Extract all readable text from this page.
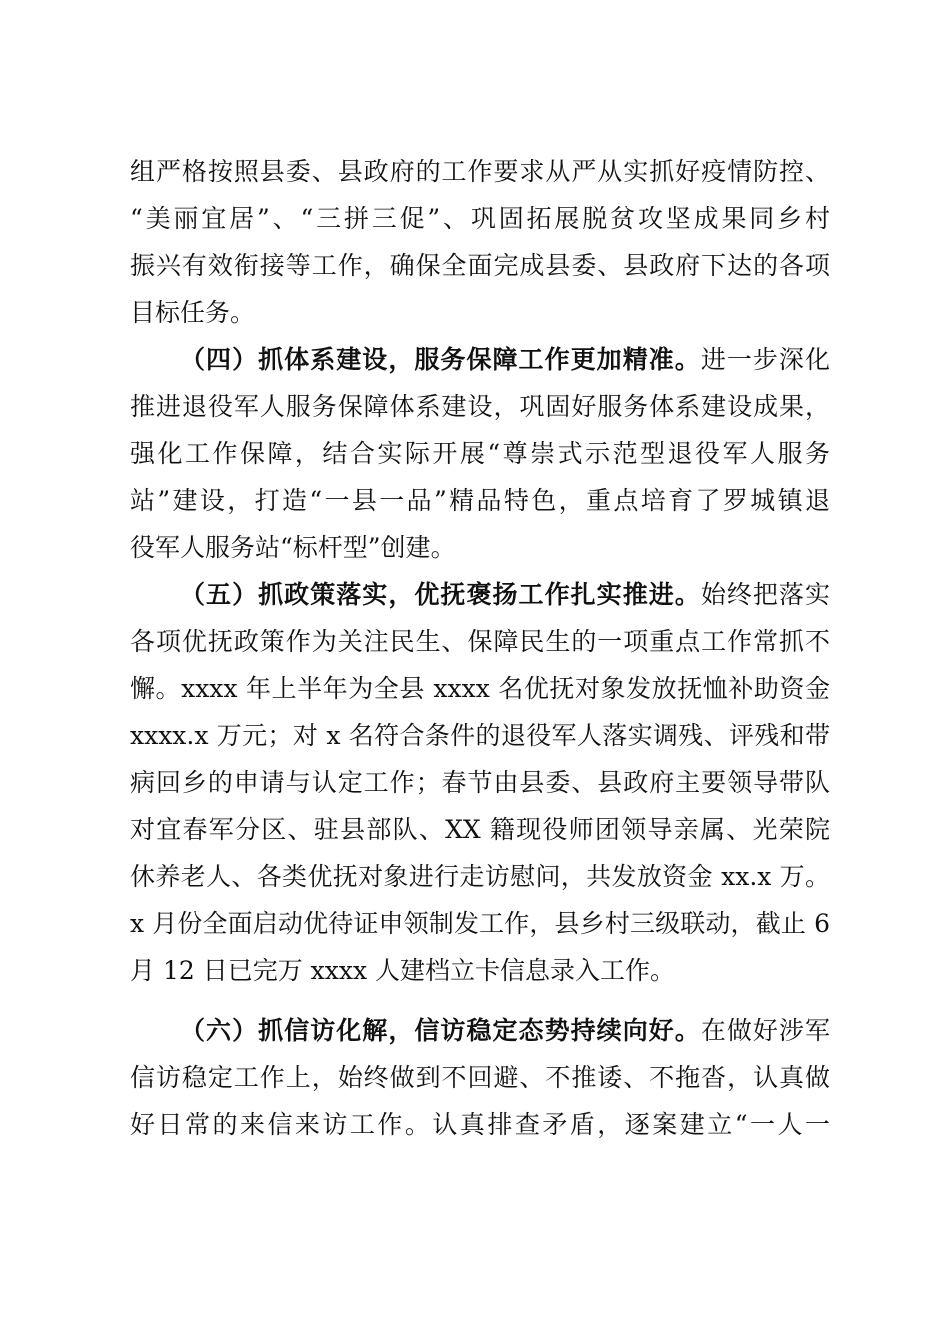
组严格按照县委、县政府的工作要求从严从实抓好疫情防控、
“美丽宜居”、“三拼三促”、巩固拓展脱贫攻坚成果同乡村
振兴有效衔接等工作，确保全面完成县委、县政府下达的各项
目标任务。
（四）抓体系建设，服务保障工作更加精准。进一步深化
推进退役军人服务保障体系建设，巩固好服务体系建设成果，
强化工作保障，结合实际开展“尊崇式示范型退役军人服务
站”建设，打造“一县一品”精品特色，重点培育了罗城镇退
役军人服务站“标杆型”创建。
（五）抓政策落实，优抚褒扬工作扎实推进。始终把落实
各项优抚政策作为关注民生、保障民生的一项重点工作常抓不
懈。xxxx 年上半年为全县 xxxx 名优抚对象发放抚恤补助资金
xxxx.x 万元；对 x 名符合条件的退役军人落实调残、评残和带
病回乡的申请与认定工作；春节由县委、县政府主要领导带队
对宜春军分区、驻县部队、XX 籍现役师团领导亲属、光荣院
休养老人、各类优抚对象进行走访慰问，共发放资金 xx.x 万。
x 月份全面启动优待证申领制发工作，县乡村三级联动，截止 6
月 12 日已完万 xxxx 人建档立卡信息录入工作。
（六）抓信访化解，信访稳定态势持续向好。在做好涉军
信访稳定工作上，始终做到不回避、不推诿、不拖沓，认真做
好日常的来信来访工作。认真排查矛盾，逐案建立“一人一
